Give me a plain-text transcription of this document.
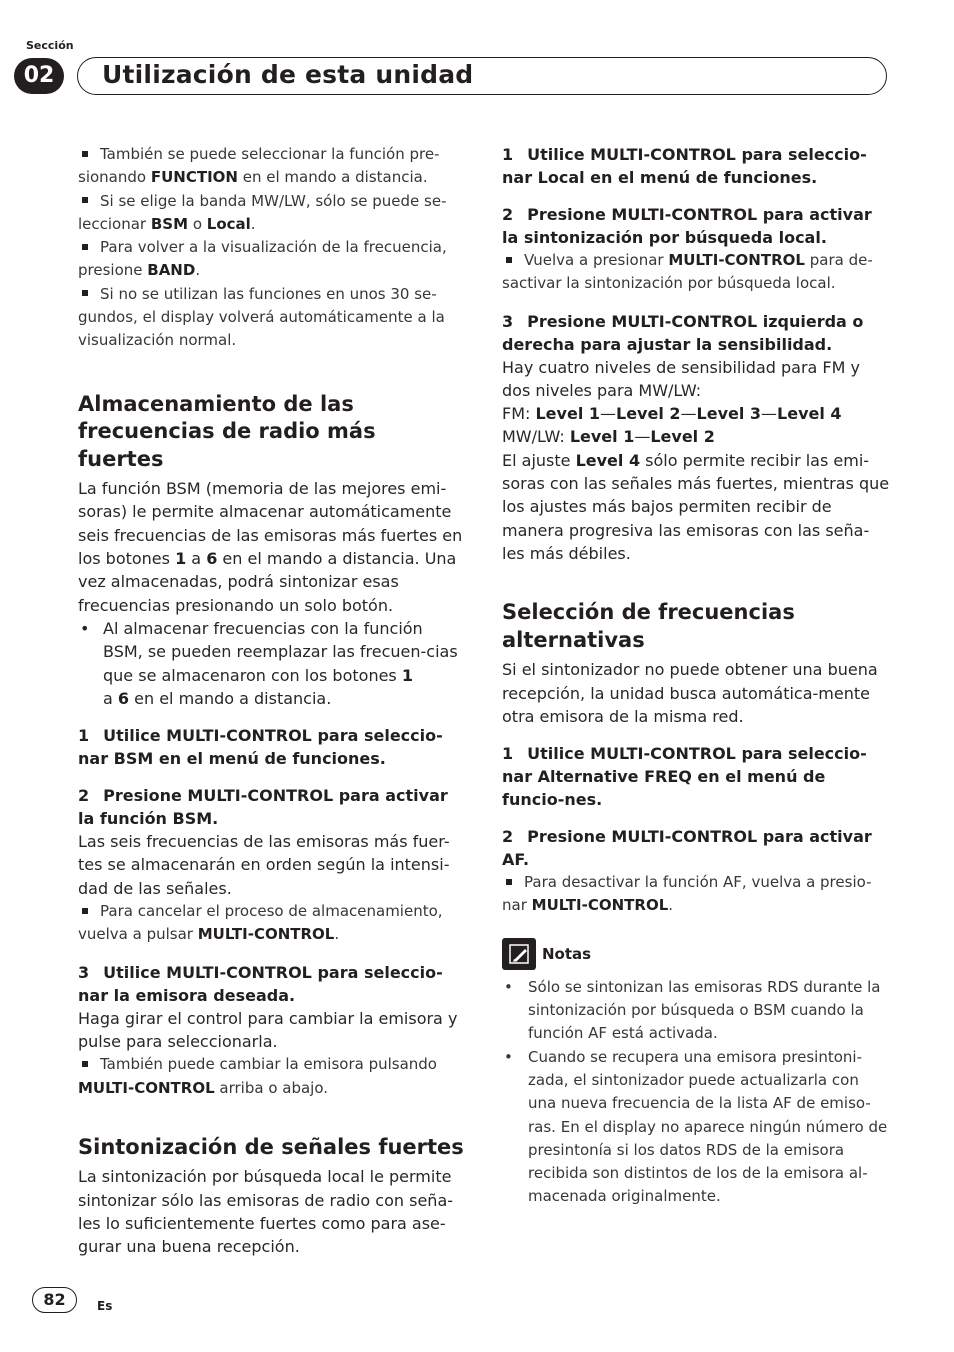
Sección
02	Utilización de esta unidad

También se puede seleccionar la función pre-sionando FUNCTION en el mando a distancia.

Si se elige la banda MW/LW, sólo se puede se-leccionar BSM o Local.

Para volver a la visualización de la frecuencia, presione BAND.

Si no se utilizan las funciones en unos 30 se-gundos, el display volverá automáticamente a la visualización normal.

Almacenamiento de las frecuencias de radio más fuertes

La función BSM (memoria de las mejores emi-soras) le permite almacenar automáticamente seis frecuencias de las emisoras más fuertes en los botones 1 a 6 en el mando a distancia. Una vez almacenadas, podrá sintonizar esas frecuencias presionando un solo botón.

• Al almacenar frecuencias con la función BSM, se pueden reemplazar las frecuen-cias que se almacenaron con los botones 1
a 6 en el mando a distancia.

1 Utilice MULTI-CONTROL para seleccio-nar BSM en el menú de funciones.

2 Presione MULTI-CONTROL para activar la función BSM.

Las seis frecuencias de las emisoras más fuer-tes se almacenarán en orden según la intensi-dad de las señales.

Para cancelar el proceso de almacenamiento, vuelva a pulsar MULTI-CONTROL.

3 Utilice MULTI-CONTROL para seleccio-nar la emisora deseada.

Haga girar el control para cambiar la emisora y pulse para seleccionarla.

También puede cambiar la emisora pulsando
MULTI-CONTROL arriba o abajo.

Sintonización de señales fuertes

La sintonización por búsqueda local le permite sintonizar sólo las emisoras de radio con seña-les lo suficientemente fuertes como para ase-gurar una buena recepción.

1 Utilice MULTI-CONTROL para seleccio-nar Local en el menú de funciones.

2 Presione MULTI-CONTROL para activar la sintonización por búsqueda local.

Vuelva a presionar MULTI-CONTROL para de-sactivar la sintonización por búsqueda local.

3 Presione MULTI-CONTROL izquierda o derecha para ajustar la sensibilidad.

Hay cuatro niveles de sensibilidad para FM y dos niveles para MW/LW:

FM: Level 1—Level 2—Level 3—Level 4

MW/LW: Level 1—Level 2

El ajuste Level 4 sólo permite recibir las emi-soras con las señales más fuertes, mientras que los ajustes más bajos permiten recibir de manera progresiva las emisoras con las seña-les más débiles.

Selección de frecuencias alternativas

Si el sintonizador no puede obtener una buena recepción, la unidad busca automática-mente otra emisora de la misma red.

1 Utilice MULTI-CONTROL para seleccio-nar Alternative FREQ en el menú de funcio-nes.

2 Presione MULTI-CONTROL para activar AF.

Para desactivar la función AF, vuelva a presio-nar MULTI-CONTROL.

Notas

• Sólo se sintonizan las emisoras RDS durante la sintonización por búsqueda o BSM cuando la función AF está activada.

• Cuando se recupera una emisora presintoni-zada, el sintonizador puede actualizarla con una nueva frecuencia de la lista AF de emiso-ras. En el display no aparece ningún número de presintonía si los datos RDS de la emisora recibida son distintos de los de la emisora al-macenada originalmente.

82	Es
